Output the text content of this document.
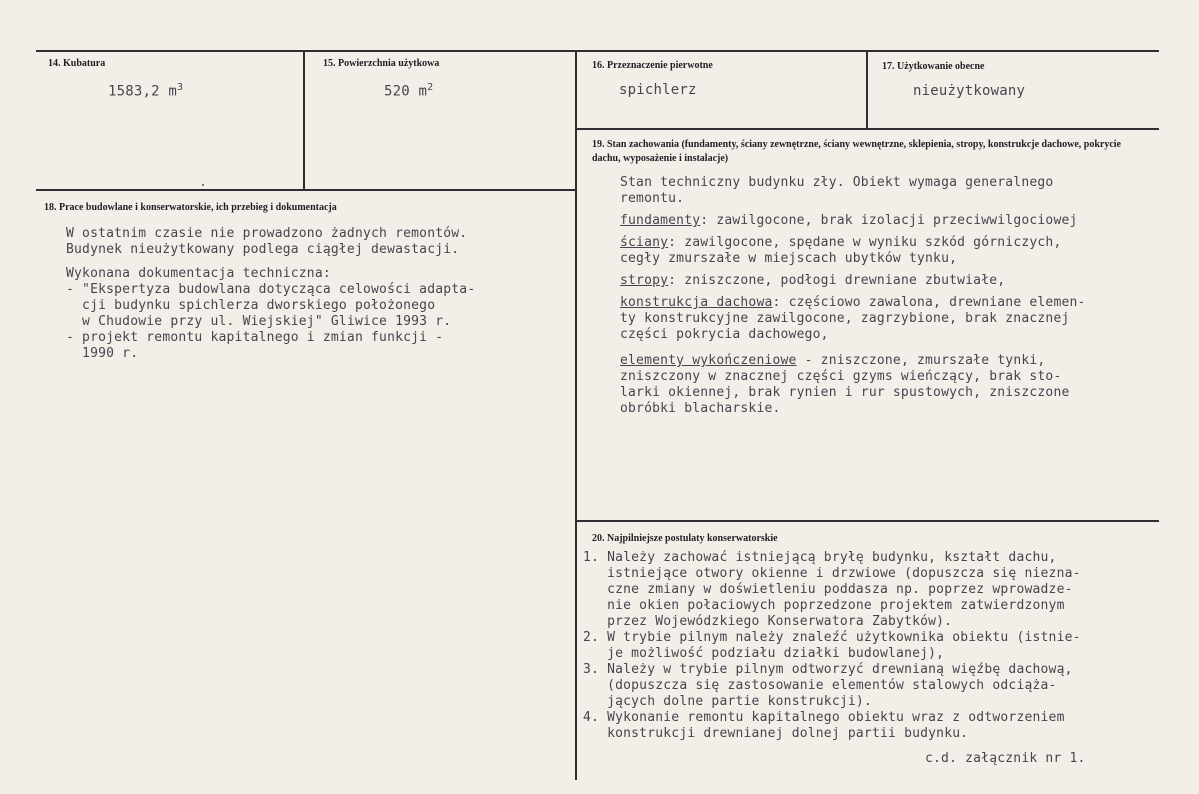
14. Kubatura
1583,2 $m^3$
15. Powierzchnia użytkowa
520 $m^2$
16. Przeznaczenie pierwotne
spichlerz
17. Użytkowanie obecne
nieużytkowany
18. Prace budowlane i konserwatorskie, ich przebieg i dokumentacja
W ostatnim czasie nie prowadzono żadnych remontów.
Budynek nieużytkowany podlega ciągłej dewastacji.
Wykonana dokumentacja techniczna:
- "Ekspertyza budowlana dotycząca celowości adapta-
cji budynku spichlerza dworskiego położonego
w Chudowie przy ul. Wiejskiej" Gliwice 1993 r.
- projekt remontu kapitalnego i zmian funkcji -
1990 r.
19. Stan zachowania (fundamenty, ściany zewnętrzne, ściany wewnętrzne, sklepienia, stropy, konstrukcje dachowe, pokrycie dachu, wyposażenie i instalacje)
Stan techniczny budynku zły. Obiekt wymaga generalnego
remontu.
fundamenty: zawilgocone, brak izolacji przeciwwilgociowej
ściany: zawilgocone, spędane w wyniku szkód górniczych,
cegły zmurszałe w miejscach ubytków tynku,
stropy: zniszczone, podłogi drewniane zbutwiałe,
konstrukcja dachowa: częściowo zawalona, drewniane elemen-
ty konstrukcyjne zawilgocone, zagrzybione, brak znacznej
części pokrycia dachowego,
elementy wykończeniowe - zniszczone, zmurszałe tynki,
zniszczony w znacznej części gzyms wieńczący, brak sto-
larki okiennej, brak rynien i rur spustowych, zniszczone
obróbki blacharskie.
20. Najpilniejsze postulaty konserwatorskie
1. Należy zachować istniejącą bryłę budynku, kształt dachu,
istniejące otwory okienne i drzwiowe (dopuszcza się niezna-
czne zmiany w doświetleniu poddasza np. poprzez wprowadze-
nie okien połaciowych poprzedzone projektem zatwierdzonym
przez Wojewódzkiego Konserwatora Zabytków).
2. W trybie pilnym należy znaleźć użytkownika obiektu (istnie-
je możliwość podziału działki budowlanej),
3. Należy w trybie pilnym odtworzyć drewnianą więźbę dachową,
(dopuszcza się zastosowanie elementów stalowych odciąża-
jących dolne partie konstrukcji).
4. Wykonanie remontu kapitalnego obiektu wraz z odtworzeniem
konstrukcji drewnianej dolnej partii budynku.
c.d. załącznik nr 1.
